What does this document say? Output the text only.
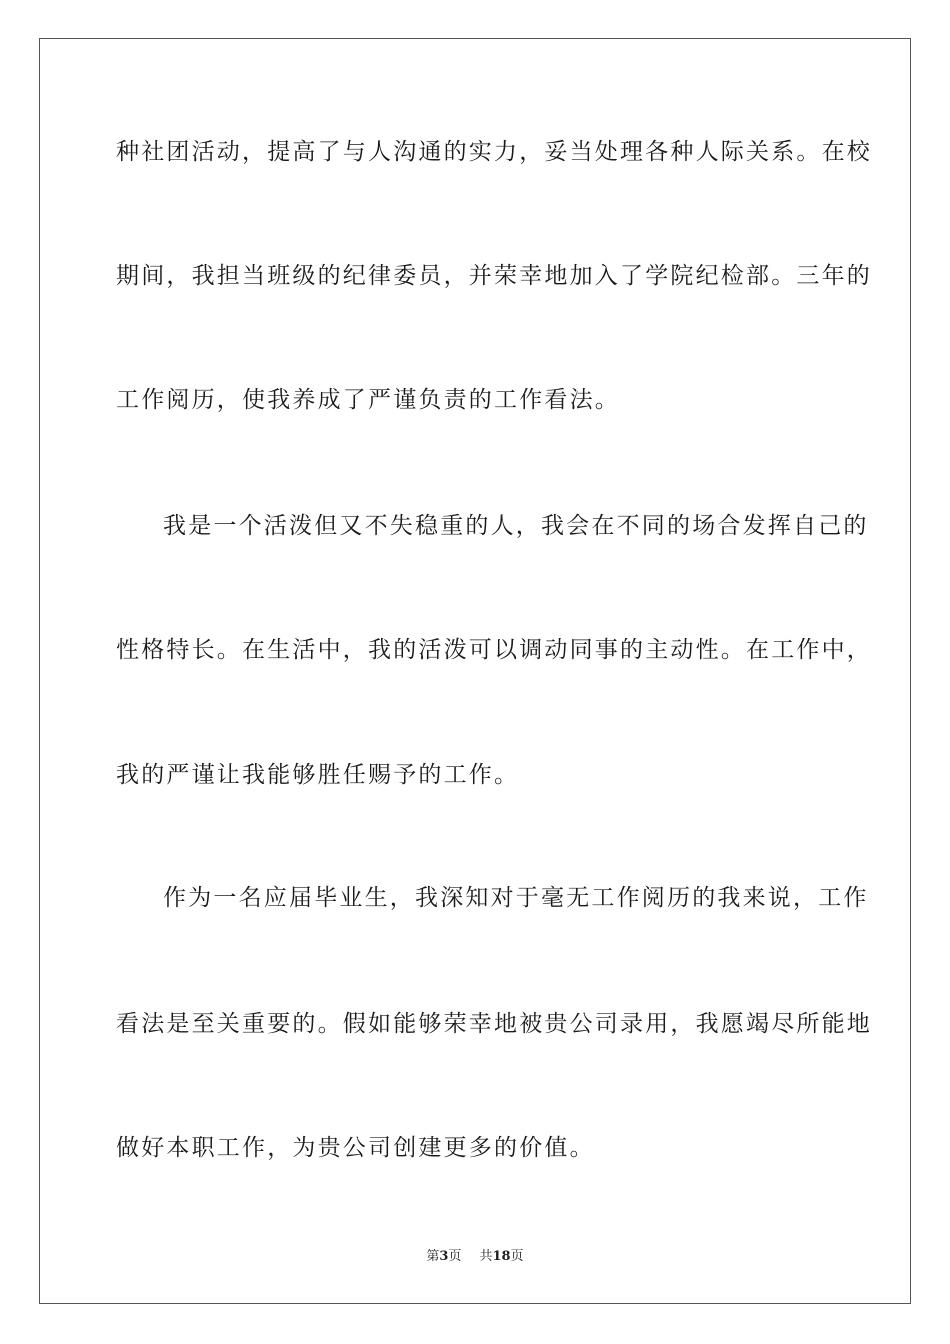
种社团活动，提高了与人沟通的实力，妥当处理各种人际关系。在校
期间，我担当班级的纪律委员，并荣幸地加入了学院纪检部。三年的
工作阅历，使我养成了严谨负责的工作看法。
我是一个活泼但又不失稳重的人，我会在不同的场合发挥自己的
性格特长。在生活中，我的活泼可以调动同事的主动性。在工作中，
我的严谨让我能够胜任赐予的工作。
作为一名应届毕业生，我深知对于毫无工作阅历的我来说，工作
看法是至关重要的。假如能够荣幸地被贵公司录用，我愿竭尽所能地
做好本职工作，为贵公司创建更多的价值。
第3页 共18页
